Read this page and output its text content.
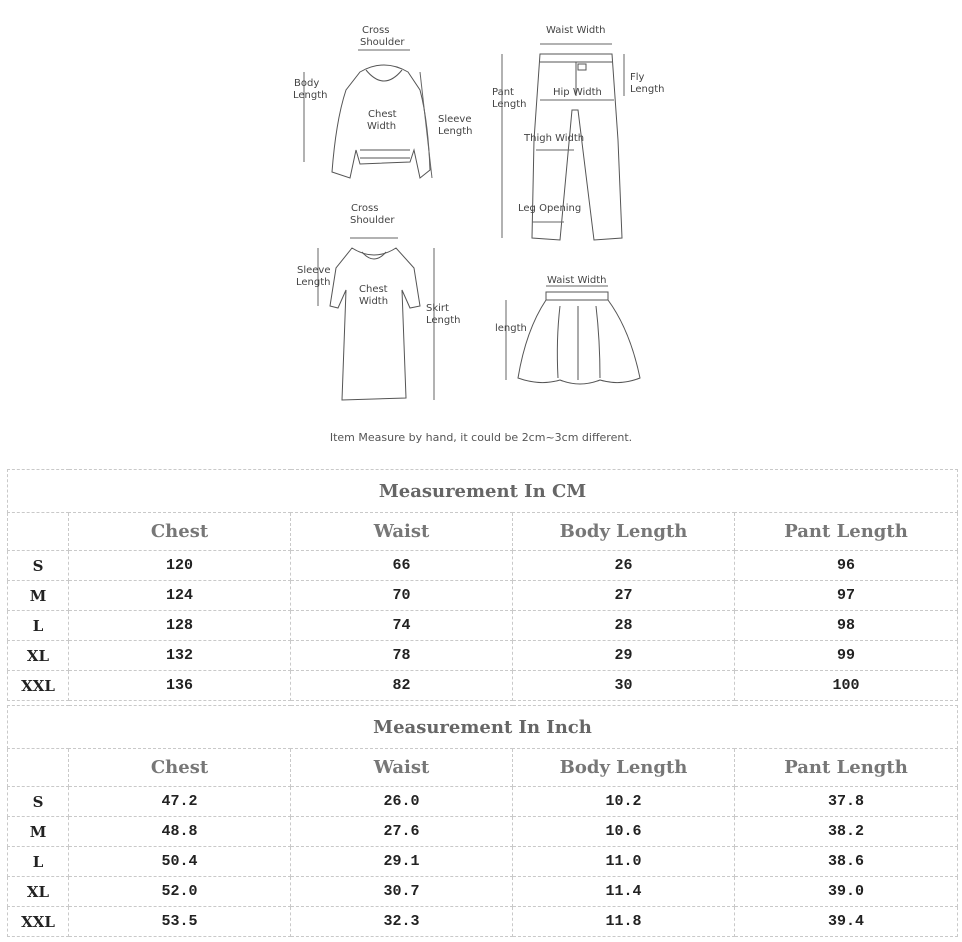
Cross
Shoulder
Body
Length
Chest
Width
Sleeve
Length
Waist Width
Pant
Length
Hip Width
Fly
Length
Thigh Width
Leg Opening
Cross
Shoulder
Sleeve
Length
Chest
Width
Skirt
Length
Waist Width
length
Item Measure by hand, it could be 2cm~3cm different.
Measurement In CM				
	Chest	Waist	Body Length	Pant Length
S	120	66	26	96
M	124	70	27	97
L	128	74	28	98
XL	132	78	29	99
XXL	136	82	30	100
Measurement In Inch				
	Chest	Waist	Body Length	Pant Length
S	47.2	26.0	10.2	37.8
M	48.8	27.6	10.6	38.2
L	50.4	29.1	11.0	38.6
XL	52.0	30.7	11.4	39.0
XXL	53.5	32.3	11.8	39.4
